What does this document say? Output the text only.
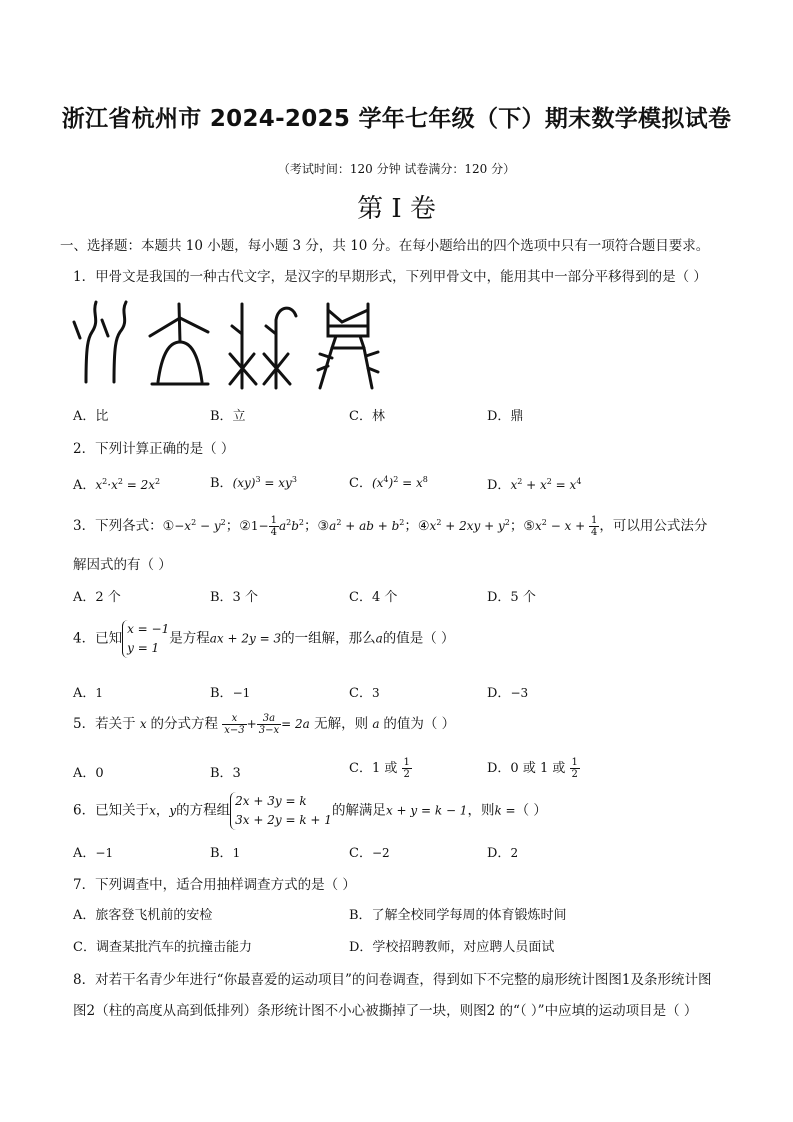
浙江省杭州市 2024-2025 学年七年级（下）期末数学模拟试卷
（考试时间：120 分钟 试卷满分：120 分）
第 I 卷
一、选择题：本题共 10 小题，每小题 3 分，共 10 分。在每小题给出的四个选项中只有一项符合题目要求。
1．甲骨文是我国的一种古代文字，是汉字的早期形式，下列甲骨文中，能用其中一部分平移得到的是（ ）
A．比	B．立	C．林	D．鼎
2．下列计算正确的是（ ）
A．$x^2\cdot x^2 = 2x^2$	B．$(xy)^3 = xy^3$	C．$(x^4)^2 = x^8$	D．$x^2 + x^2 = x^4$
3．下列各式：$①-x^2 - y^2$；②1− $\frac{1}{4} a^2b^2$；$③a^2$ + ab + $b^2$；$④x^2 + 2xy + y^2$；$⑤x^2 - x + \frac{1}{4}$ ，可以用公式法分
解因式的有（ ）
A．2 个	B．3 个	C．4 个	D．5 个
4．已知x = −1
y = 1是方程ax + 2y = 3的一组解，那么a的值是（ ）
A．1	B．−1	C．3	D．−3
5．若关于 x 的分式方程 $\frac{x}{x-3} + \frac{3a}{3-x} = 2a$ 无解，则 a 的值为（ ）
A．0	B．3	C．1 或 $\frac{1}{2}$	D．0 或 1 或 $\frac{1}{2}$
6．已知关于x，y的方程组2x + 3y = k
3x + 2y = k + 1的解满足x + y = k − 1，则k =（ ）
A．−1	B．1	C．−2	D．2
7．下列调查中，适合用抽样调查方式的是（ ）
A．旅客登飞机前的安检	B．了解全校同学每周的体育锻炼时间
C．调查某批汽车的抗撞击能力	D．学校招聘教师，对应聘人员面试
8．对若干名青少年进行“你最喜爱的运动项目”的问卷调查，得到如下不完整的扇形统计图图1及条形统计图
图2（柱的高度从高到低排列）条形统计图不小心被撕掉了一块，则图2 的“（ ）”中应填的运动项目是（ ）
